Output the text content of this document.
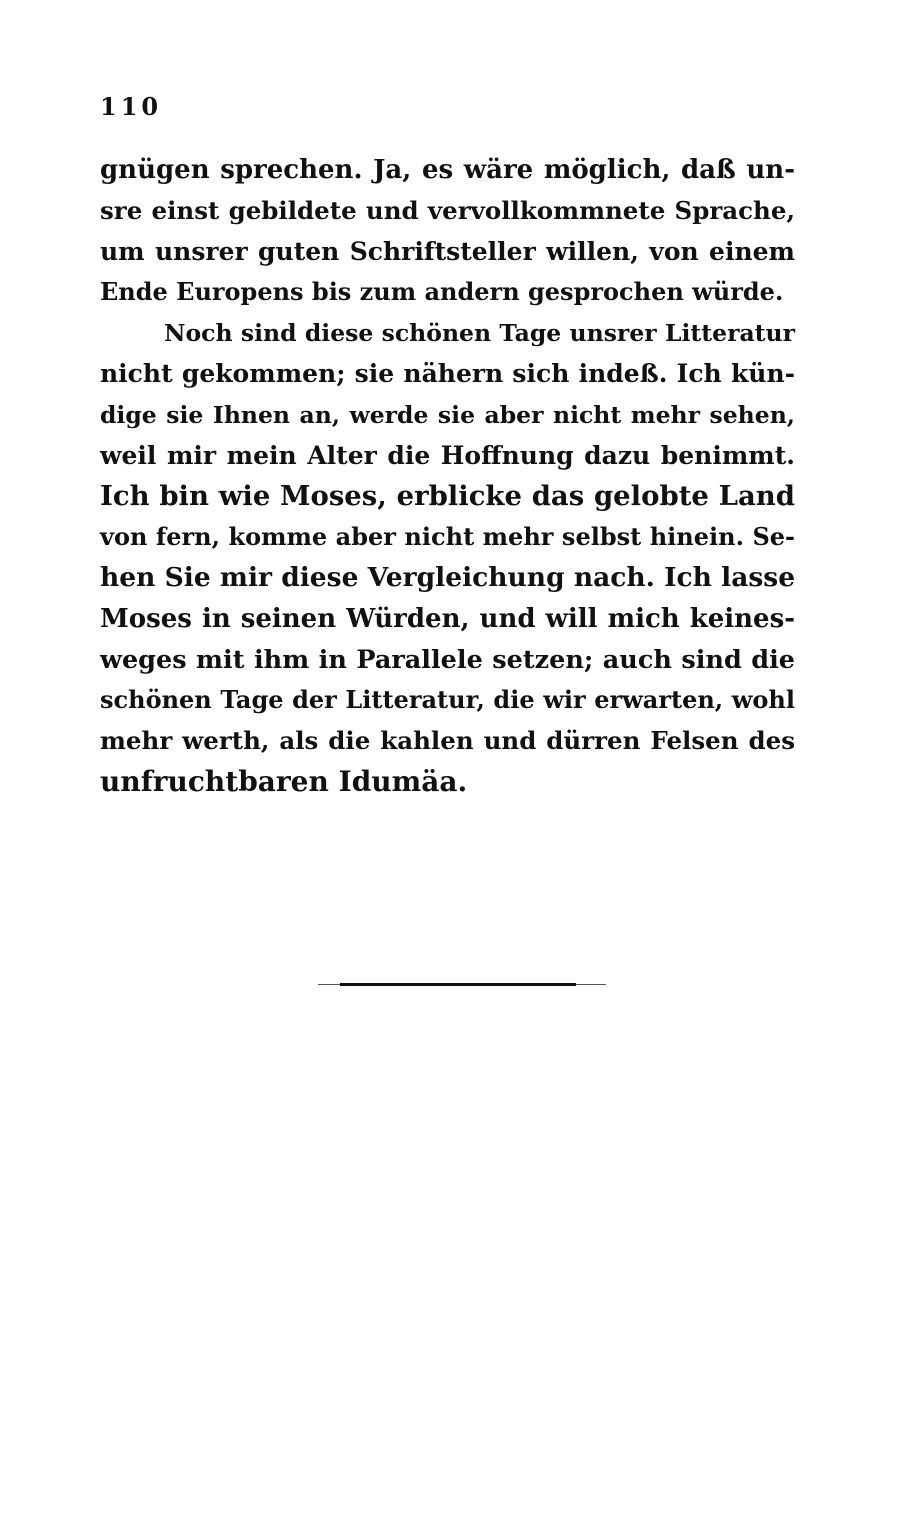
110
gnügen sprechen. Ja, es wäre möglich, daß un-
sre einst gebildete und vervollkommnete Sprache,
um unsrer guten Schriftsteller willen, von einem
Ende Europens bis zum andern gesprochen würde.
Noch sind diese schönen Tage unsrer Litteratur
nicht gekommen; sie nähern sich indeß. Ich kün-
dige sie Ihnen an, werde sie aber nicht mehr sehen,
weil mir mein Alter die Hoffnung dazu benimmt.
Ich bin wie Moses, erblicke das gelobte Land
von fern, komme aber nicht mehr selbst hinein. Se-
hen Sie mir diese Vergleichung nach. Ich lasse
Moses in seinen Würden, und will mich keines-
weges mit ihm in Parallele setzen; auch sind die
schönen Tage der Litteratur, die wir erwarten, wohl
mehr werth, als die kahlen und dürren Felsen des
unfruchtbaren Idumäa.
